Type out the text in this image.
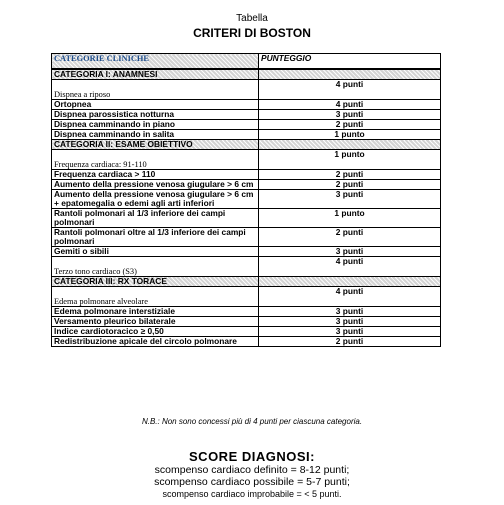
Tabella
CRITERI DI BOSTON
CATEGORIE CLINICHE	PUNTEGGIO
CATEGORIA I: ANAMNESI	
Dispnea a riposo	4 punti
Ortopnea	4 punti
Dispnea parossistica notturna	3 punti
Dispnea camminando in piano	2 punti
Dispnea camminando in salita	1 punto
CATEGORIA II: ESAME OBIETTIVO	
Frequenza cardiaca: 91-110	1 punto
Frequenza cardiaca > 110	2 punti
Aumento della pressione venosa giugulare > 6 cm	2 punti
Aumento della pressione venosa giugulare > 6 cm + epatomegalia o edemi agli arti inferiori	3 punti
Rantoli polmonari al 1/3 inferiore dei campi polmonari	1 punto
Rantoli polmonari oltre al 1/3 inferiore dei campi polmonari	2 punti
Gemiti o sibili	3 punti
Terzo tono cardiaco (S3)	4 punti
CATEGORIA III: RX TORACE	
Edema polmonare alveolare	4 punti
Edema polmonare interstiziale	3 punti
Versamento pleurico bilaterale	3 punti
Indice cardiotoracico ≥ 0,50	3 punti
Redistribuzione apicale del circolo polmonare	2 punti
N.B.: Non sono concessi più di 4 punti per ciascuna categoria.
SCORE DIAGNOSI:
scompenso cardiaco definito = 8-12 punti;
scompenso cardiaco possibile = 5-7 punti;
scompenso cardiaco improbabile = < 5 punti.
